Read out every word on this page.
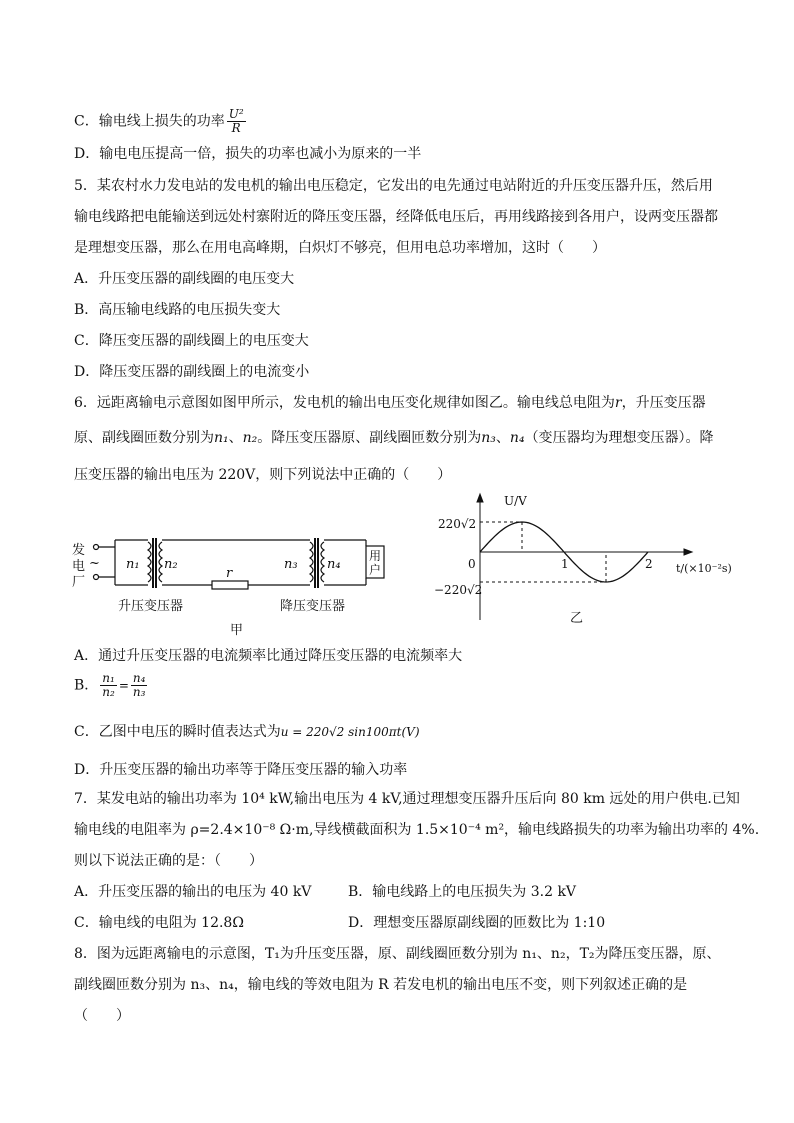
C．输电线上损失的功率 $\frac{\text{U²}}{R}$
D．输电电压提高一倍，损失的功率也减小为原来的一半
5．某农村水力发电站的发电机的输出电压稳定，它发出的电先通过电站附近的升压变压器升压，然后用
输电线路把电能输送到远处村寨附近的降压变压器，经降低电压后，再用线路接到各用户，设两变压器都
是理想变压器，那么在用电高峰期，白炽灯不够亮，但用电总功率增加，这时（　　）
A．升压变压器的副线圈的电压变大
B．高压输电线路的电压损失变大
C．降压变压器的副线圈上的电压变大
D．降压变压器的副线圈上的电流变小
6．远距离输电示意图如图甲所示，发电机的输出电压变化规律如图乙。输电线总电阻为r，升压变压器
原、副线圈匝数分别为n₁、n₂。降压变压器原、副线圈匝数分别为n₃、n₄（变压器均为理想变压器）。降
压变压器的输出电压为 220V，则下列说法中正确的（　　）
发
电
厂
~ n₁ n₂
r
n₃ n₄
用
户
升压变压器	降压变压器
甲
U/V
220√2
−220√2
0	1	2 t/(×10⁻²s)
乙
A．通过升压变压器的电流频率比通过降压变压器的电流频率大
B． $\frac{\text{n₁}}{\text{n₂}} = \frac{\text{n₄}}{\text{n₃}}$
C．乙图中电压的瞬时值表达式为u = 220√2 sin100πt(V)
D．升压变压器的输出功率等于降压变压器的输入功率
7．某发电站的输出功率为 10⁴ kW,输出电压为 4 kV,通过理想变压器升压后向 80 km 远处的用户供电.已知
输电线的电阻率为 ρ=2.4×10⁻⁸ Ω·m,导线横截面积为 1.5×10⁻⁴ m²，输电线路损失的功率为输出功率的 4%.
则以下说法正确的是：（　　）
A．升压变压器的输出的电压为 40 kV	B．输电线路上的电压损失为 3.2 kV
C．输电线的电阻为 12.8Ω	D．理想变压器原副线圈的匝数比为 1:10
8．图为远距离输电的示意图，T₁为升压变压器，原、副线圈匝数分别为 n₁、n₂，T₂为降压变压器，原、
副线圈匝数分别为 n₃、n₄，输电线的等效电阻为 R 若发电机的输出电压不变，则下列叙述正确的是
（　　）
